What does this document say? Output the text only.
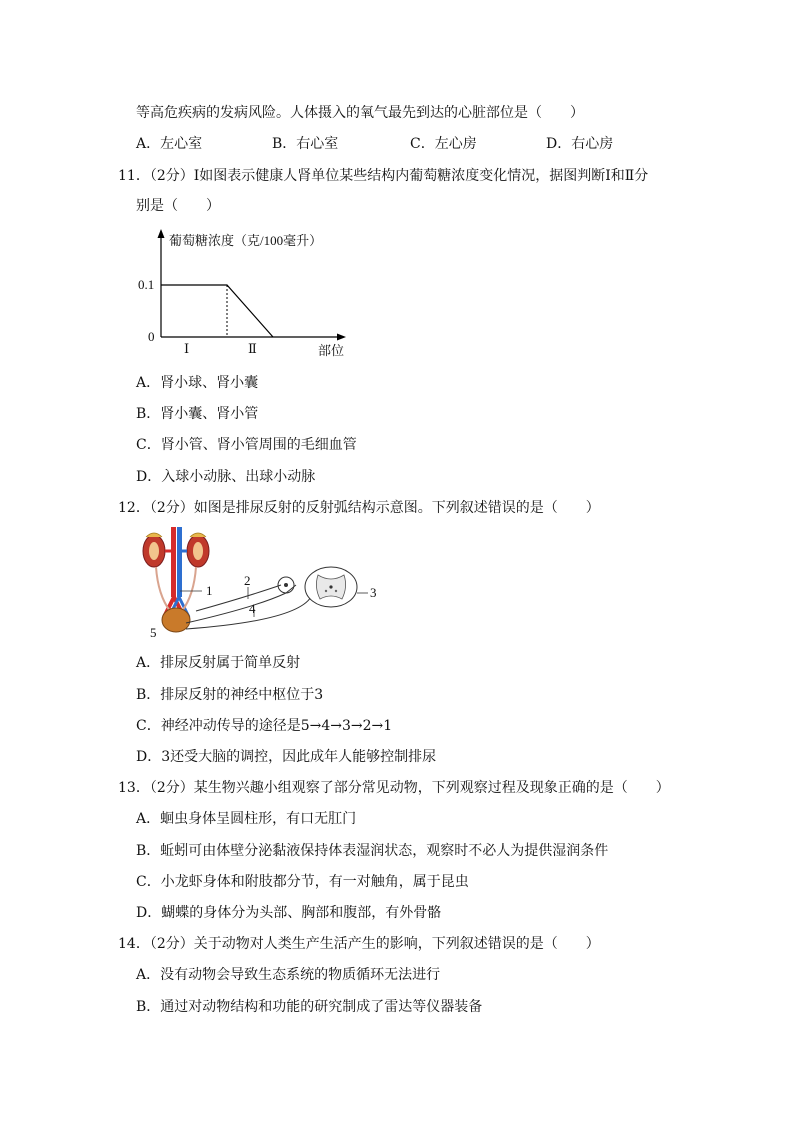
等高危疾病的发病风险。人体摄入的氧气最先到达的心脏部位是（　　）
A．左心室	B．右心室	C．左心房	D．右心房
11．（2分）Ⅰ如图表示健康人肾单位某些结构内葡萄糖浓度变化情况，据图判断Ⅰ和Ⅱ分
别是（　　）
葡萄糖浓度（克/100毫升）
0.1
0
Ⅰ	Ⅱ	部位
A．肾小球、肾小囊
B．肾小囊、肾小管
C．肾小管、肾小管周围的毛细血管
D．入球小动脉、出球小动脉
12．（2分）如图是排尿反射的反射弧结构示意图。下列叙述错误的是（　　）
1
2
3
4
5
A．排尿反射属于简单反射
B．排尿反射的神经中枢位于3
C．神经冲动传导的途径是5→4→3→2→1
D．3还受大脑的调控，因此成年人能够控制排尿
13．（2分）某生物兴趣小组观察了部分常见动物，下列观察过程及现象正确的是（　　）
A．蛔虫身体呈圆柱形，有口无肛门
B．蚯蚓可由体壁分泌黏液保持体表湿润状态，观察时不必人为提供湿润条件
C．小龙虾身体和附肢都分节，有一对触角，属于昆虫
D．蝴蝶的身体分为头部、胸部和腹部，有外骨骼
14．（2分）关于动物对人类生产生活产生的影响，下列叙述错误的是（　　）
A．没有动物会导致生态系统的物质循环无法进行
B．通过对动物结构和功能的研究制成了雷达等仪器装备
